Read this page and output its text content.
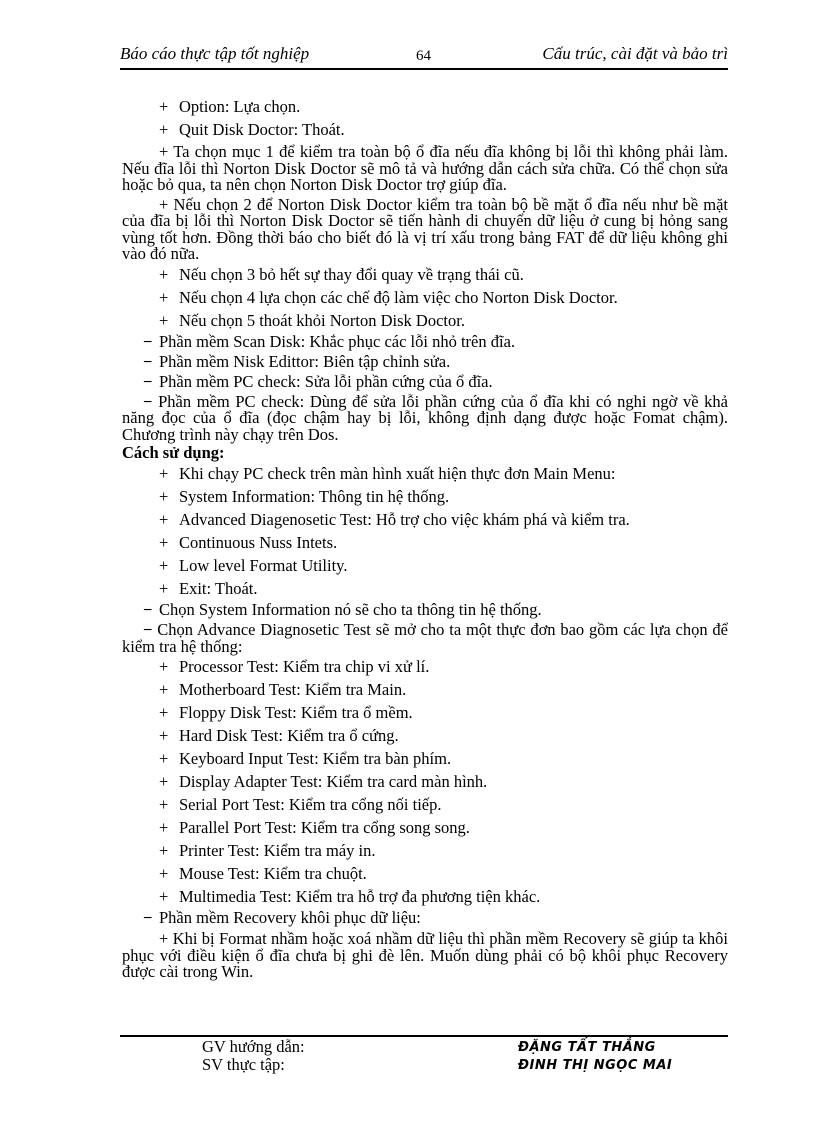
Báo cáo thực tập tốt nghiệp	64	Cấu trúc, cài đặt và bảo trì

+ Option: Lựa chọn.

+ Quit Disk Doctor: Thoát.

+ Ta chọn mục 1 để kiểm tra toàn bộ ổ đĩa nếu đĩa không bị lỗi thì không phải làm. Nếu đĩa lỗi thì Norton Disk Doctor sẽ mô tả và hướng dẫn cách sửa chữa. Có thể chọn sửa hoặc bỏ qua, ta nên chọn Norton Disk Doctor trợ giúp đĩa.

+ Nếu chọn 2 để Norton Disk Doctor kiểm tra toàn bộ bề mặt ổ đĩa nếu như bề mặt của đĩa bị lỗi thì Norton Disk Doctor sẽ tiến hành di chuyển dữ liệu ở cung bị hỏng sang vùng tốt hơn. Đồng thời báo cho biết đó là vị trí xấu trong bảng FAT để dữ liệu không ghi vào đó nữa.

+ Nếu chọn 3 bỏ hết sự thay đổi quay về trạng thái cũ.

+ Nếu chọn 4 lựa chọn các chế độ làm việc cho Norton Disk Doctor.

+ Nếu chọn 5 thoát khỏi Norton Disk Doctor.

− Phần mềm Scan Disk: Khắc phục các lỗi nhỏ trên đĩa.

− Phần mềm Nisk Edittor: Biên tập chỉnh sửa.

− Phần mềm PC check: Sửa lỗi phần cứng của ổ đĩa.

− Phần mềm PC check: Dùng để sửa lỗi phần cứng của ổ đĩa khi có nghi ngờ về khả năng đọc của ổ đĩa (đọc chậm hay bị lỗi, không định dạng được hoặc Fomat chậm). Chương trình này chạy trên Dos.

Cách sử dụng:

+ Khi chạy PC check trên màn hình xuất hiện thực đơn Main Menu:

+ System Information: Thông tin hệ thống.

+ Advanced Diagenosetic Test: Hỗ trợ cho việc khám phá và kiểm tra.

+ Continuous Nuss Intets.

+ Low level Format Utility.

+ Exit: Thoát.

− Chọn System Information nó sẽ cho ta thông tin hệ thống.

− Chọn Advance Diagnosetic Test sẽ mở cho ta một thực đơn bao gồm các lựa chọn để kiểm tra hệ thống:

+ Processor Test: Kiểm tra chip vi xử lí.

+ Motherboard Test: Kiểm tra Main.

+ Floppy Disk Test: Kiểm tra ổ mềm.

+ Hard Disk Test: Kiểm tra ổ cứng.

+ Keyboard Input Test: Kiểm tra bàn phím.

+ Display Adapter Test: Kiểm tra card màn hình.

+ Serial Port Test: Kiểm tra cổng nối tiếp.

+ Parallel Port Test: Kiểm tra cổng song song.

+ Printer Test: Kiểm tra máy in.

+ Mouse Test: Kiểm tra chuột.

+ Multimedia Test: Kiểm tra hỗ trợ đa phương tiện khác.

− Phần mềm Recovery khôi phục dữ liệu:

+ Khi bị Format nhầm hoặc xoá nhầm dữ liệu thì phần mềm Recovery sẽ giúp ta khôi phục với điều kiện ổ đĩa chưa bị ghi đè lên. Muốn dùng phải có bộ khôi phục Recovery được cài trong Win.

GV hướng dẫn:	ĐẶNG TẤT THẮNG
SV thực tập:	ĐINH THỊ NGỌC MAI
